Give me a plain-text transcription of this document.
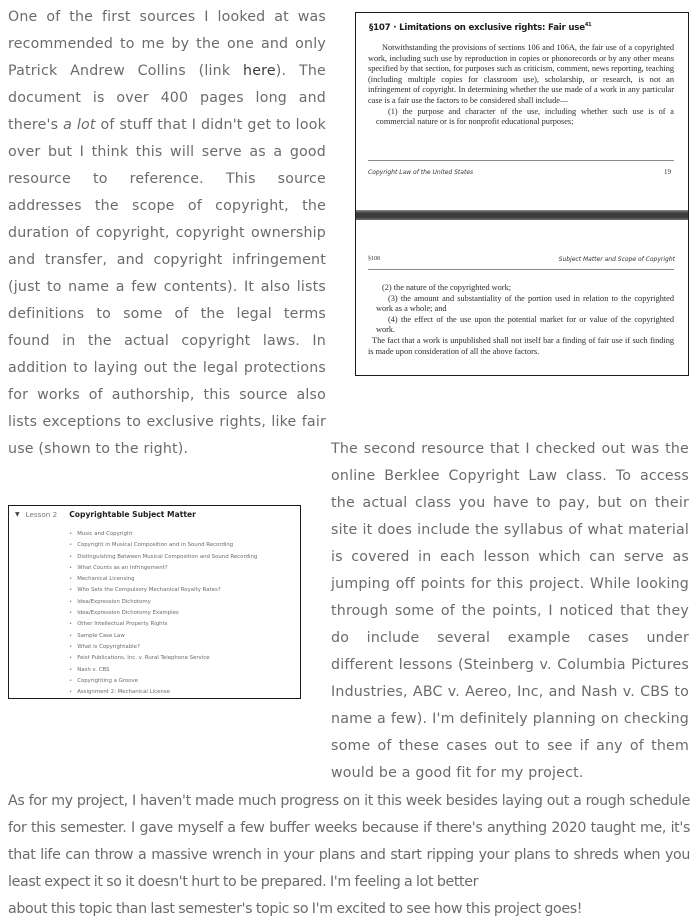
One of the first sources I looked at was recommended to me by the one and only Patrick Andrew Collins (link here). The document is over 400 pages long and there's a lot of stuff that I didn't get to look over but I think this will serve as a good resource to reference. This source addresses the scope of copyright, the duration of copyright, copyright ownership and transfer, and copyright infringement (just to name a few contents). It also lists definitions to some of the legal terms found in the actual copyright laws. In addition to laying out the legal protections for works of authorship, this source also lists exceptions to exclusive rights, like fair use (shown to the right).

§107 · Limitations on exclusive rights: Fair use$^{41}$

Notwithstanding the provisions of sections 106 and 106A, the fair use of a copyrighted work, including such use by reproduction in copies or phonorecords or by any other means specified by that section, for purposes such as criticism, comment, news reporting, teaching (including multiple copies for classroom use), scholarship, or research, is not an infringement of copyright. In determining whether the use made of a work in any particular case is a fair use the factors to be considered shall include—

(1) the purpose and character of the use, including whether such use is of a commercial nature or is for nonprofit educational purposes;

Copyright Law of the United States	19
§108	Subject Matter and Scope of Copyright

(2) the nature of the copyrighted work;

(3) the amount and substantiality of the portion used in relation to the copyrighted work as a whole; and

(4) the effect of the use upon the potential market for or value of the copyrighted work.

The fact that a work is unpublished shall not itself bar a finding of fair use if such finding is made upon consideration of all the above factors.

▼ Lesson 2 Copyrightable Subject Matter
• Music and Copyright
• Copyright in Musical Composition and in Sound Recording
• Distinguishing Between Musical Composition and Sound Recording
• What Counts as an Infringement?
• Mechanical Licensing
• Who Sets the Compulsory Mechanical Royalty Rates?
• Idea/Expression Dichotomy
• Idea/Expression Dichotomy Examples
• Other Intellectual Property Rights
• Sample Case Law
• What is Copyrightable?
• Feist Publications, Inc. v. Rural Telephone Service
• Nash v. CBS
• Copyrighting a Groove
• Assignment 2: Mechanical License

The second resource that I checked out was the online Berklee Copyright Law class. To access the actual class you have to pay, but on their site it does include the syllabus of what material is covered in each lesson which can serve as jumping off points for this project. While looking through some of the points, I noticed that they do include several example cases under different lessons (Steinberg v. Columbia Pictures Industries, ABC v. Aereo, Inc, and Nash v. CBS to name a few). I'm definitely planning on checking some of these cases out to see if any of them would be a good fit for my project.

As for my project, I haven't made much progress on it this week besides laying out a rough schedule for this semester. I gave myself a few buffer weeks because if there's anything 2020 taught me, it's that life can throw a massive wrench in your plans and start ripping your plans to shreds when you least expect it so it doesn't hurt to be prepared. I'm feeling a lot better
about this topic than last semester's topic so I'm excited to see how this project goes!
